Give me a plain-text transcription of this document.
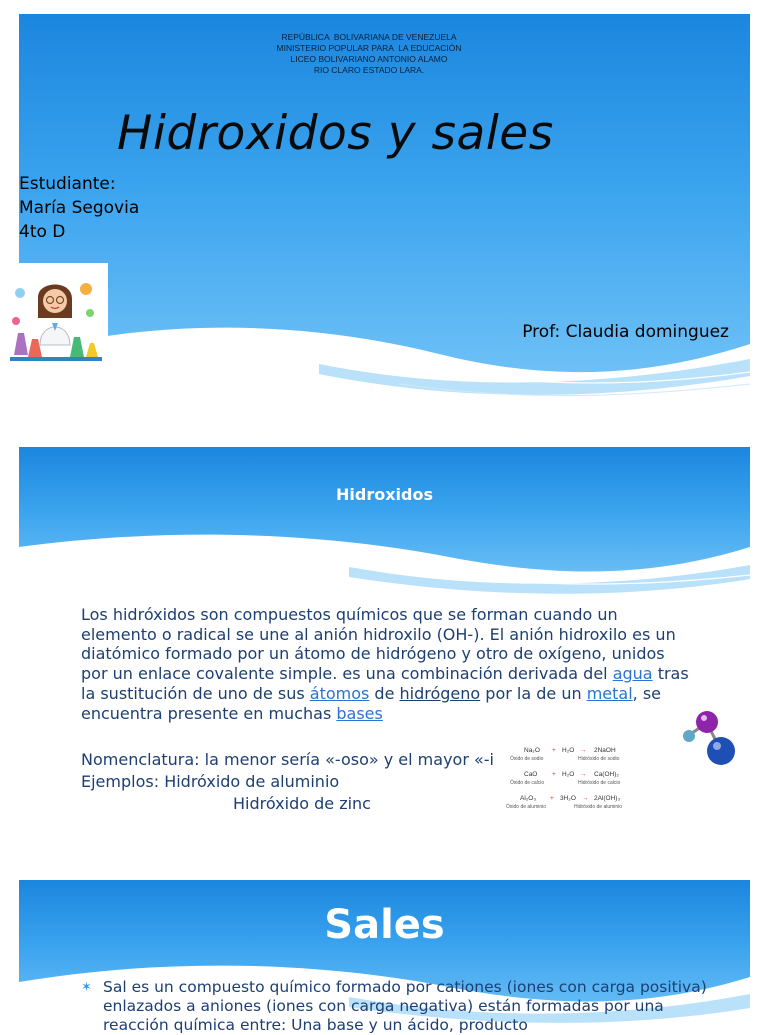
REPÚBLICA  BOLIVARIANA DE VENEZUELA
MINISTERIO POPULAR PARA  LA EDUCACIÓN
LICEO BOLIVARIANO ANTONIO ALAMO
RIO CLARO ESTADO LARA.
Hidroxidos y sales
Estudiante:
María Segovia
4to D
Prof: Claudia dominguez
Hidroxidos
Los hidróxidos son compuestos químicos que se forman cuando un elemento o radical se une al anión hidroxilo (OH-). El anión hidroxilo es un diatómico formado por un átomo de hidrógeno y otro de oxígeno, unidos por un enlace covalente simple. es una combinación derivada del agua tras la sustitución de uno de sus átomos de hidrógeno por la de un metal, se encuentra presente en muchas bases
Nomenclatura: la menor sería «-oso» y el mayor «-i
Ejemplos: Hidróxido de aluminio
Hidróxido de zinc
Na₂O + H₂O → 2NaOH
Óxido de sodio	Hidróxido de sodio
CaO + H₂O → Ca(OH)₂
Óxido de calcio	Hidróxido de calcio
Al₂O₃ + 3H₂O → 2Al(OH)₃
Óxido de aluminio	Hidróxido de aluminio
Sales
✶ Sal es un compuesto químico formado por cationes (iones con carga positiva) enlazados a aniones (iones con carga negativa) están formadas por una reacción química entre: Una base y un ácido, producto
